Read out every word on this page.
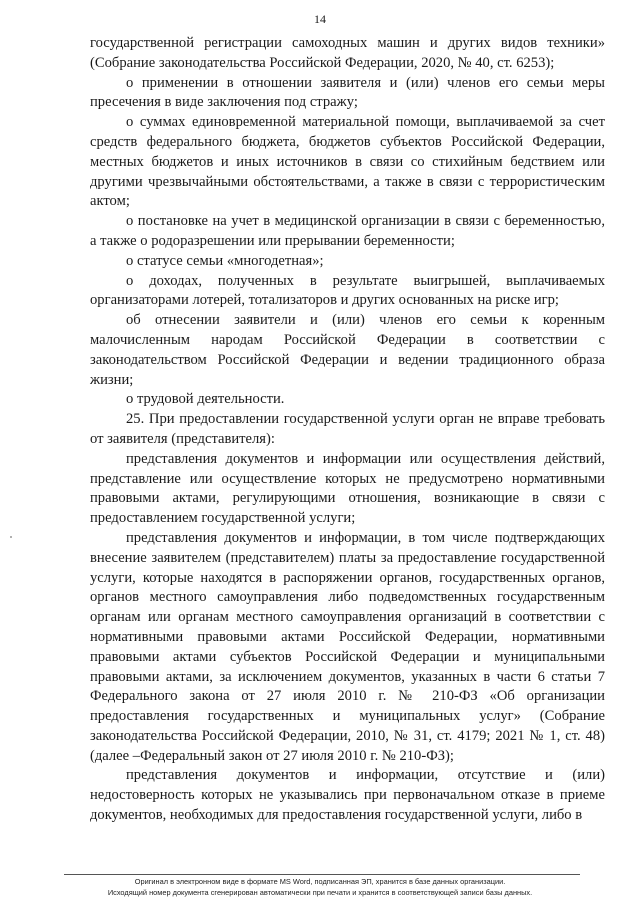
14

государственной регистрации самоходных машин и других видов техники» (Собрание законодательства Российской Федерации, 2020, № 40, ст. 6253);

о применении в отношении заявителя и (или) членов его семьи меры пресечения в виде заключения под стражу;

о суммах единовременной материальной помощи, выплачиваемой за счет средств федерального бюджета, бюджетов субъектов Российской Федерации, местных бюджетов и иных источников в связи со стихийным бедствием или другими чрезвычайными обстоятельствами, а также в связи с террористическим актом;

о постановке на учет в медицинской организации в связи с беременностью, а также о родоразрешении или прерывании беременности;

о статусе семьи «многодетная»;

о доходах, полученных в результате выигрышей, выплачиваемых организаторами лотерей, тотализаторов и других основанных на риске игр;

об отнесении заявители и (или) членов его семьи к коренным малочисленным народам Российской Федерации в соответствии с законодательством Российской Федерации и ведении традиционного образа жизни;

о трудовой деятельности.

25. При предоставлении государственной услуги орган не вправе требовать от заявителя (представителя):

представления документов и информации или осуществления действий, представление или осуществление которых не предусмотрено нормативными правовыми актами, регулирующими отношения, возникающие в связи с предоставлением государственной услуги;

представления документов и информации, в том числе подтверждающих внесение заявителем (представителем) платы за предоставление государственной услуги, которые находятся в распоряжении органов, государственных органов, органов местного самоуправления либо подведомственных государственным органам или органам местного самоуправления организаций в соответствии с нормативными правовыми актами Российской Федерации, нормативными правовыми актами субъектов Российской Федерации и муниципальными правовыми актами, за исключением документов, указанных в части 6 статьи 7 Федерального закона от 27 июля 2010 г. № 210-ФЗ «Об организации предоставления государственных и муниципальных услуг» (Собрание законодательства Российской Федерации, 2010, № 31, ст. 4179; 2021 № 1, ст. 48) (далее –Федеральный закон от 27 июля 2010 г. № 210-ФЗ);

представления документов и информации, отсутствие и (или) недостоверность которых не указывались при первоначальном отказе в приеме документов, необходимых для предоставления государственной услуги, либо в

Оригинал в электронном виде в формате MS Word, подписанная ЭП, хранится в базе данных организации.
Исходящий номер документа сгенерирован автоматически при печати и хранится в соответствующей записи базы данных.
